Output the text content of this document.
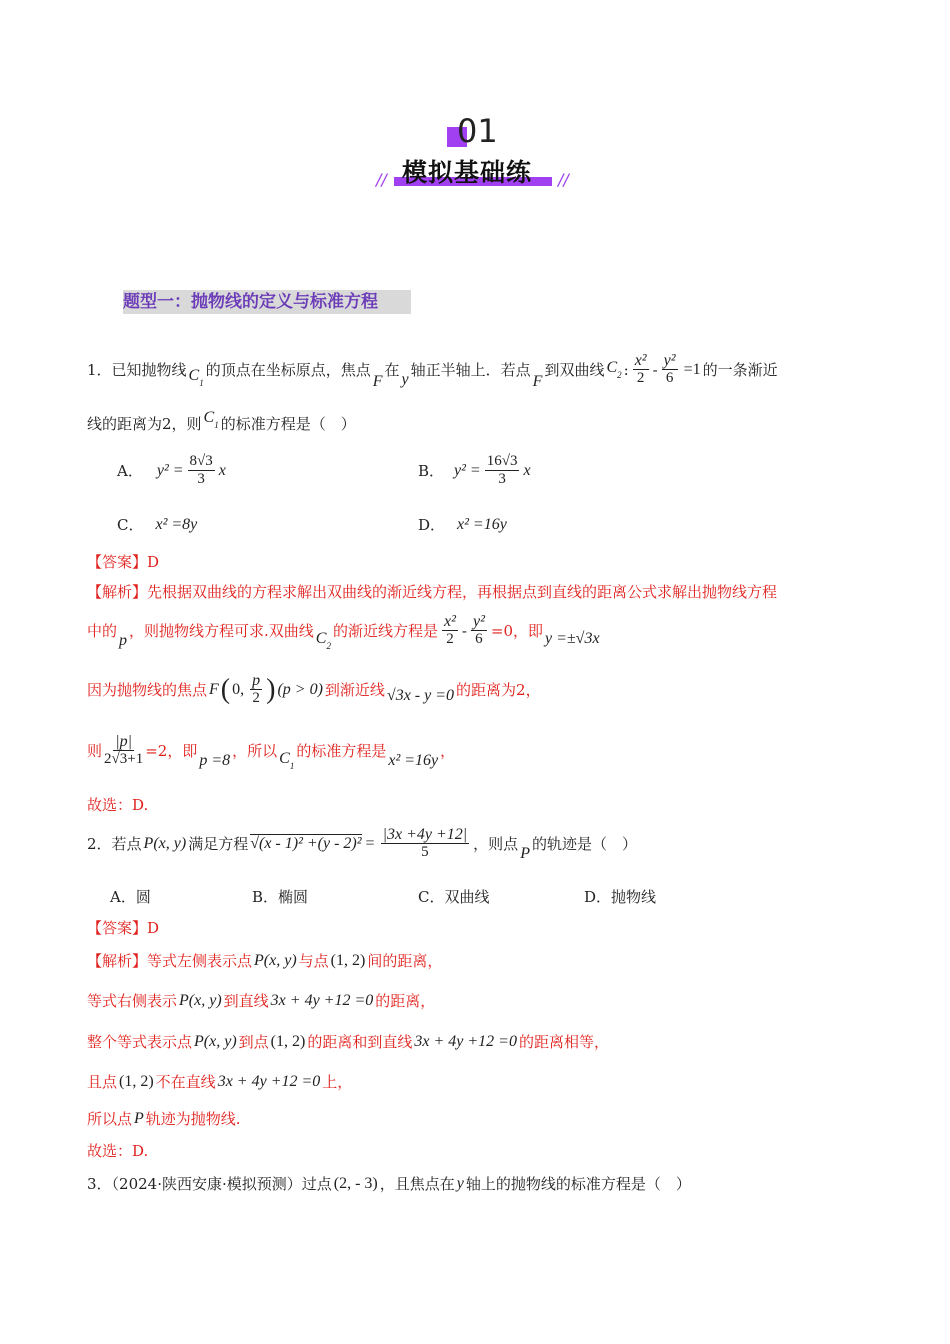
01
模拟基础练
//	//
题型一：抛物线的定义与标准方程
1．已知抛物线 $C_1$
的顶点在坐标原点，焦点
F
在 y 轴正半轴上．若点
F
到双曲线 $C_2$ : x²
$2 - \frac{\text{y²}}{6} =1$ 的一条渐近
线的距离为2，则 $C_1$ 的标准方程是（　）
A． $y^2 = \frac{8√3}{3}$ x	B． $y^2 = \frac{16√3}{3}$ x
C． x² =8y	D． x² =16y
【答案】D
【解析】先根据双曲线的方程求解出双曲线的渐近线方程，再根据点到直线的距离公式求解出抛物线方程
中的 p ，则抛物线方程可求.双曲线 $C_2$
的渐近线方程是
x²
$2 - \frac{\text{y²}}{6} =0$，即 y =±√3x
因为抛物线的焦点 F ( 0, p
2 ) (p > 0) 到渐近线 √3x - y =0 的距离为2，
则 $\frac{|p|}{2√3+1} =2$，即 p =8 ，所以 $C_1$
的标准方程是 x² =16y ，
故选：D.
2．若点 P(x, y) 满足方程 $√(x - 1)^2 +(y - 2)^2 = \frac{|3x +4y +12|}{5}$ ，则点 P 的轨迹是（　）
A．圆	B．椭圆	C．双曲线	D．抛物线
【答案】D
【解析】等式左侧表示点 P(x, y) 与点 (1, 2) 间的距离，
等式右侧表示 P(x, y) 到直线 3x + 4y +12 =0 的距离，
整个等式表示点 P(x, y) 到点 (1, 2) 的距离和到直线 3x + 4y +12 =0 的距离相等，
且点 (1, 2) 不在直线 3x + 4y +12 =0 上，
所以点 P 轨迹为抛物线.
故选：D.
3．（2024·陕西安康·模拟预测）过点 (2, - 3) ，且焦点在 y 轴上的抛物线的标准方程是（　）
